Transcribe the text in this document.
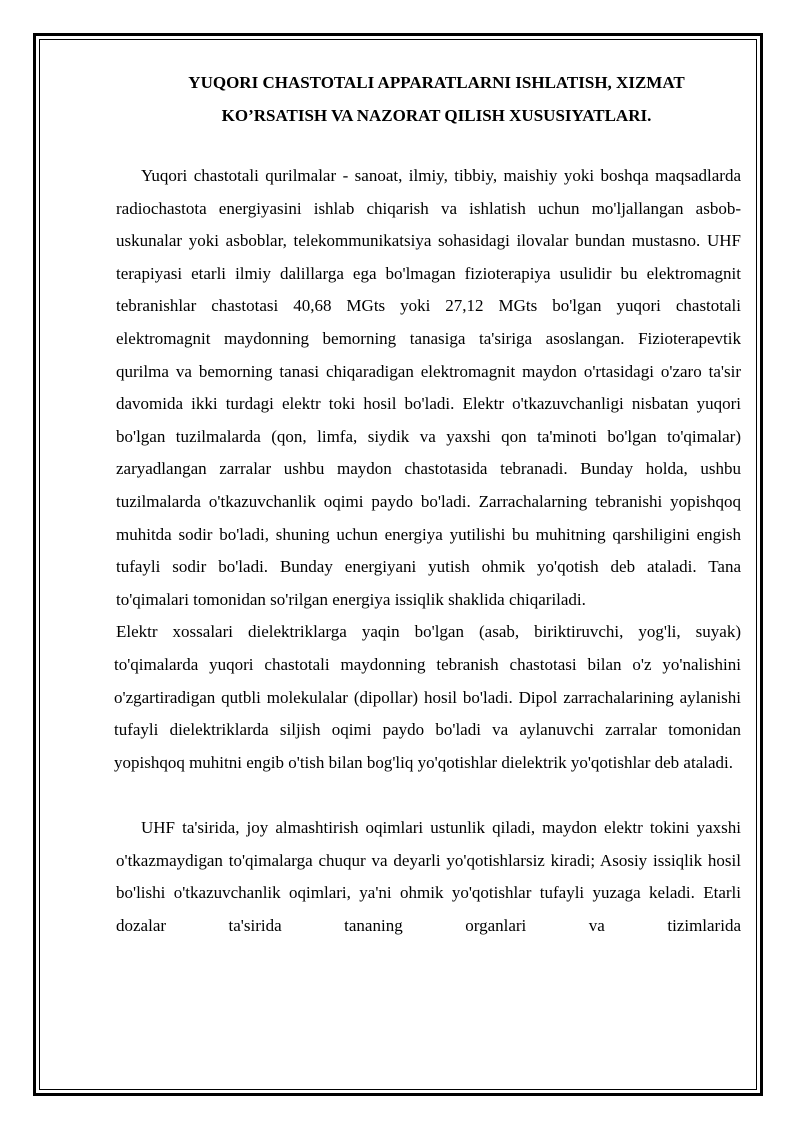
YUQORI CHASTOTALI APPARATLARNI ISHLATISH, XIZMAT KO’RSATISH VA NAZORAT QILISH XUSUSIYATLARI.

Yuqori chastotali qurilmalar - sanoat, ilmiy, tibbiy, maishiy yoki boshqa maqsadlarda radiochastota energiyasini ishlab chiqarish va ishlatish uchun mo'ljallangan asbob-uskunalar yoki asboblar, telekommunikatsiya sohasidagi ilovalar bundan mustasno. UHF terapiyasi etarli ilmiy dalillarga ega bo'lmagan fizioterapiya usulidir bu elektromagnit tebranishlar chastotasi 40,68 MGts yoki 27,12 MGts bo'lgan yuqori chastotali elektromagnit maydonning bemorning tanasiga ta'siriga asoslangan. Fizioterapevtik qurilma va bemorning tanasi chiqaradigan elektromagnit maydon o'rtasidagi o'zaro ta'sir davomida ikki turdagi elektr toki hosil bo'ladi. Elektr o'tkazuvchanligi nisbatan yuqori bo'lgan tuzilmalarda (qon, limfa, siydik va yaxshi qon ta'minoti bo'lgan to'qimalar) zaryadlangan zarralar ushbu maydon chastotasida tebranadi. Bunday holda, ushbu tuzilmalarda o'tkazuvchanlik oqimi paydo bo'ladi. Zarrachalarning tebranishi yopishqoq muhitda sodir bo'ladi, shuning uchun energiya yutilishi bu muhitning qarshiligini engish tufayli sodir bo'ladi. Bunday energiyani yutish ohmik yo'qotish deb ataladi. Tana to'qimalari tomonidan so'rilgan energiya issiqlik shaklida chiqariladi.

Elektr xossalari dielektriklarga yaqin bo'lgan (asab, biriktiruvchi, yog'li, suyak) to'qimalarda yuqori chastotali maydonning tebranish chastotasi bilan o'z yo'nalishini o'zgartiradigan qutbli molekulalar (dipollar) hosil bo'ladi. Dipol zarrachalarining aylanishi tufayli dielektriklarda siljish oqimi paydo bo'ladi va aylanuvchi zarralar tomonidan yopishqoq muhitni engib o'tish bilan bog'liq yo'qotishlar dielektrik yo'qotishlar deb ataladi.

UHF ta'sirida, joy almashtirish oqimlari ustunlik qiladi, maydon elektr tokini yaxshi o'tkazmaydigan to'qimalarga chuqur va deyarli yo'qotishlarsiz kiradi; Asosiy issiqlik hosil bo'lishi o'tkazuvchanlik oqimlari, ya'ni ohmik yo'qotishlar tufayli yuzaga keladi. Etarli dozalar ta'sirida tananing organlari va tizimlarida
